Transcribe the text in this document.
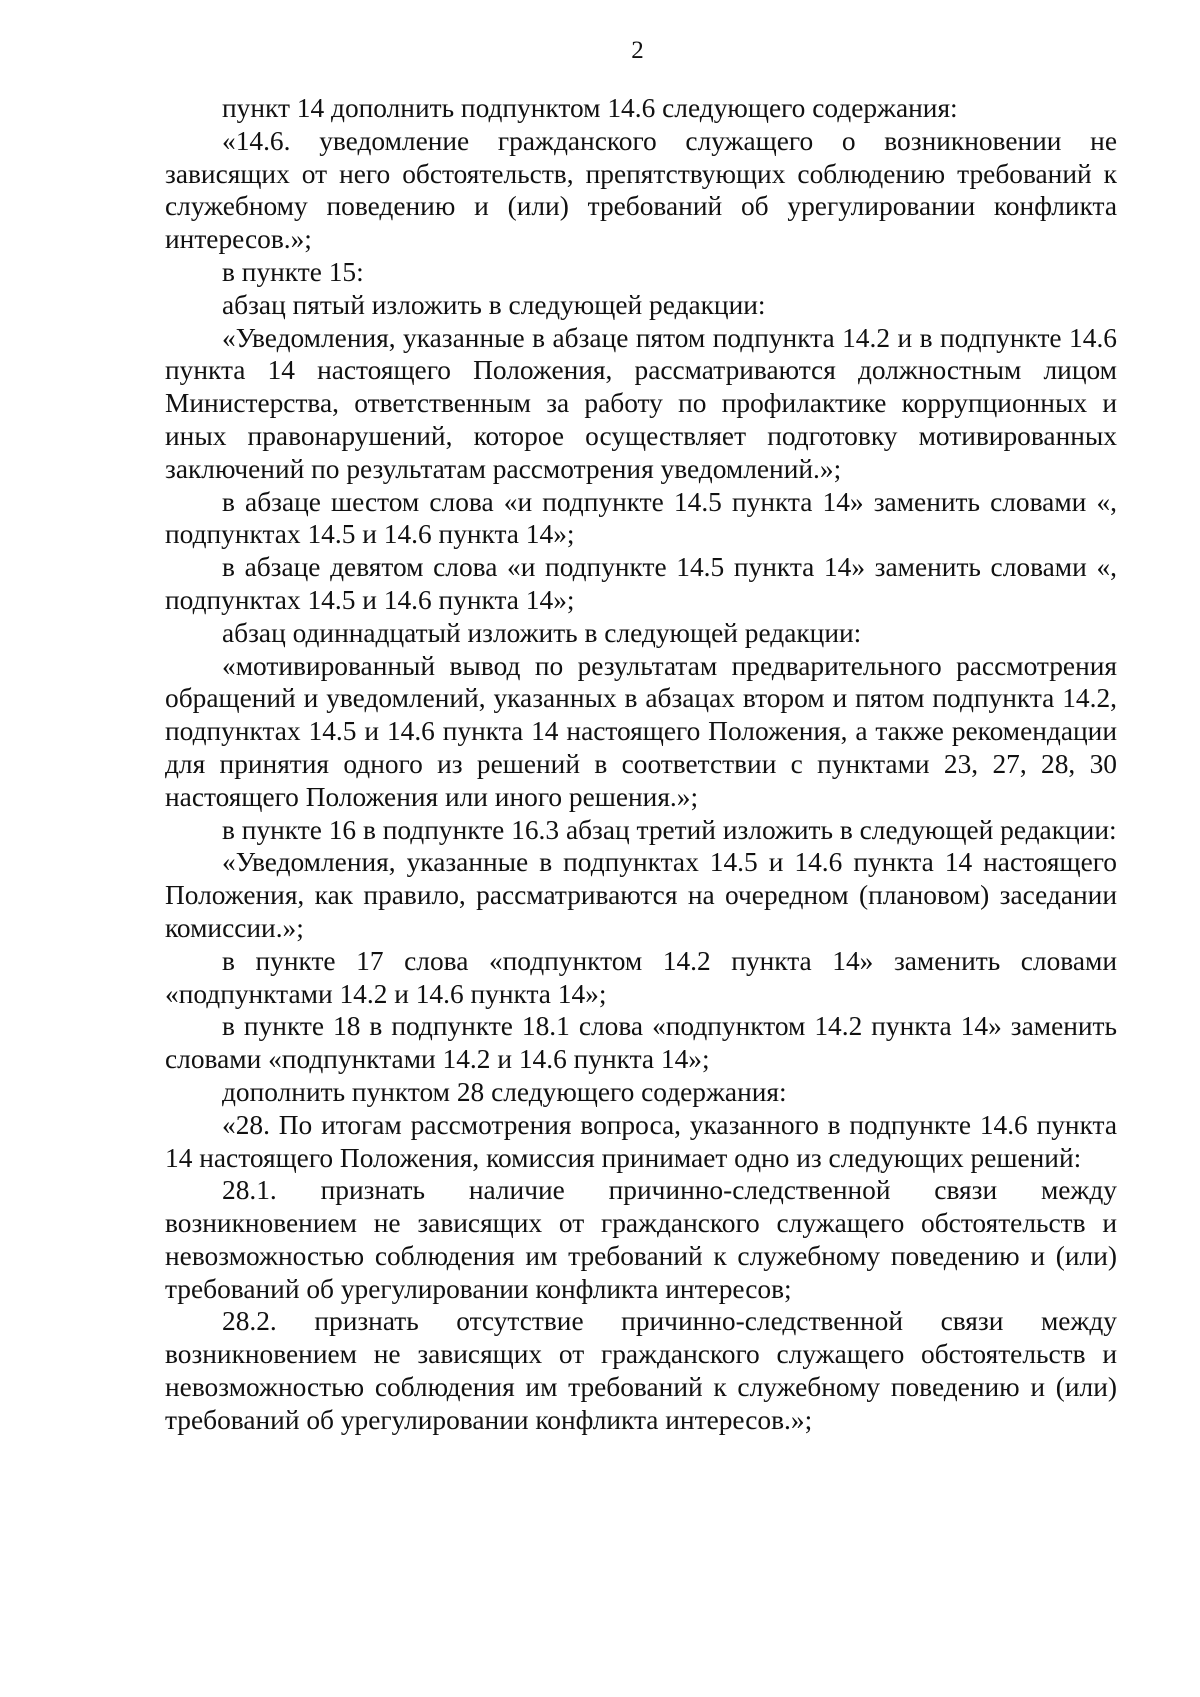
2

пункт 14 дополнить подпунктом 14.6 следующего содержания:

«14.6. уведомление гражданского служащего о возникновении не зависящих от него обстоятельств, препятствующих соблюдению требований к служебному поведению и (или) требований об урегулировании конфликта интересов.»;

в пункте 15:

абзац пятый изложить в следующей редакции:

«Уведомления, указанные в абзаце пятом подпункта 14.2 и в подпункте 14.6 пункта 14 настоящего Положения, рассматриваются должностным лицом Министерства, ответственным за работу по профилактике коррупционных и иных правонарушений, которое осуществляет подготовку мотивированных заключений по результатам рассмотрения уведомлений.»;

в абзаце шестом слова «и подпункте 14.5 пункта 14» заменить словами «, подпунктах 14.5 и 14.6 пункта 14»;

в абзаце девятом слова «и подпункте 14.5 пункта 14» заменить словами «, подпунктах 14.5 и 14.6 пункта 14»;

абзац одиннадцатый изложить в следующей редакции:

«мотивированный вывод по результатам предварительного рассмотрения обращений и уведомлений, указанных в абзацах втором и пятом подпункта 14.2, подпунктах 14.5 и 14.6 пункта 14 настоящего Положения, а также рекомендации для принятия одного из решений в соответствии с пунктами 23, 27, 28, 30 настоящего Положения или иного решения.»;

в пункте 16 в подпункте 16.3 абзац третий изложить в следующей редакции:

«Уведомления, указанные в подпунктах 14.5 и 14.6 пункта 14 настоящего Положения, как правило, рассматриваются на очередном (плановом) заседании комиссии.»;

в пункте 17 слова «подпунктом 14.2 пункта 14» заменить словами «подпунктами 14.2 и 14.6 пункта 14»;

в пункте 18 в подпункте 18.1 слова «подпунктом 14.2 пункта 14» заменить словами «подпунктами 14.2 и 14.6 пункта 14»;

дополнить пунктом 28 следующего содержания:

«28. По итогам рассмотрения вопроса, указанного в подпункте 14.6 пункта 14 настоящего Положения, комиссия принимает одно из следующих решений:

28.1. признать наличие причинно-следственной связи между возникновением не зависящих от гражданского служащего обстоятельств и невозможностью соблюдения им требований к служебному поведению и (или) требований об урегулировании конфликта интересов;

28.2. признать отсутствие причинно-следственной связи между возникновением не зависящих от гражданского служащего обстоятельств и невозможностью соблюдения им требований к служебному поведению и (или) требований об урегулировании конфликта интересов.»;
